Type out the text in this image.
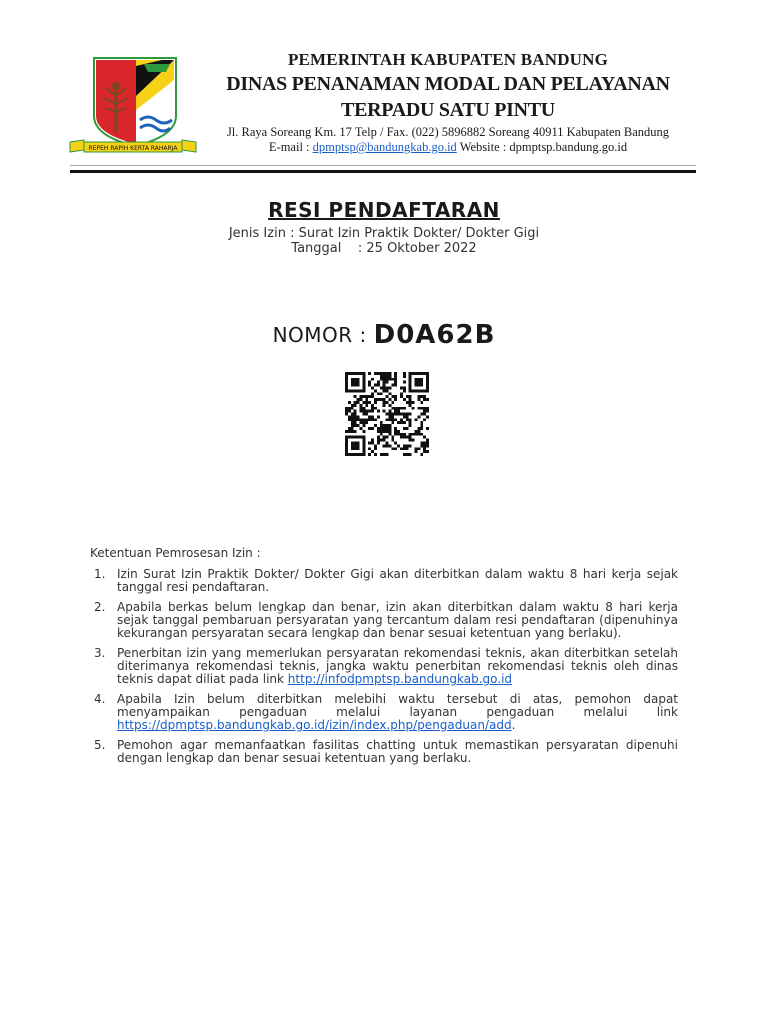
REPEH RAPIH KERTA RAHARJA
PEMERINTAH KABUPATEN BANDUNG
DINAS PENANAMAN MODAL DAN PELAYANAN
TERPADU SATU PINTU
Jl. Raya Soreang Km. 17 Telp / Fax. (022) 5896882 Soreang 40911 Kabupaten Bandung
E-mail : dpmptsp@bandungkab.go.id Website : dpmptsp.bandung.go.id
RESI PENDAFTARAN
Jenis Izin : Surat Izin Praktik Dokter/ Dokter Gigi
Tanggal    : 25 Oktober 2022
NOMOR : D0A62B
Ketentuan Pemrosesan Izin :
1. Izin Surat Izin Praktik Dokter/ Dokter Gigi akan diterbitkan dalam waktu 8 hari kerja sejak tanggal resi pendaftaran.
2. Apabila berkas belum lengkap dan benar, izin akan diterbitkan dalam waktu 8 hari kerja sejak tanggal pembaruan persyaratan yang tercantum dalam resi pendaftaran (dipenuhinya kekurangan persyaratan secara lengkap dan benar sesuai ketentuan yang berlaku).
3. Penerbitan izin yang memerlukan persyaratan rekomendasi teknis, akan diterbitkan setelah diterimanya rekomendasi teknis, jangka waktu penerbitan rekomendasi teknis oleh dinas teknis dapat diliat pada link http://infodpmptsp.bandungkab.go.id
4. Apabila Izin belum diterbitkan melebihi waktu tersebut di atas, pemohon dapat menyampaikan pengaduan melalui layanan pengaduan melalui link https://dpmptsp.bandungkab.go.id/izin/index.php/pengaduan/add.
5. Pemohon agar memanfaatkan fasilitas chatting untuk memastikan persyaratan dipenuhi dengan lengkap dan benar sesuai ketentuan yang berlaku.
